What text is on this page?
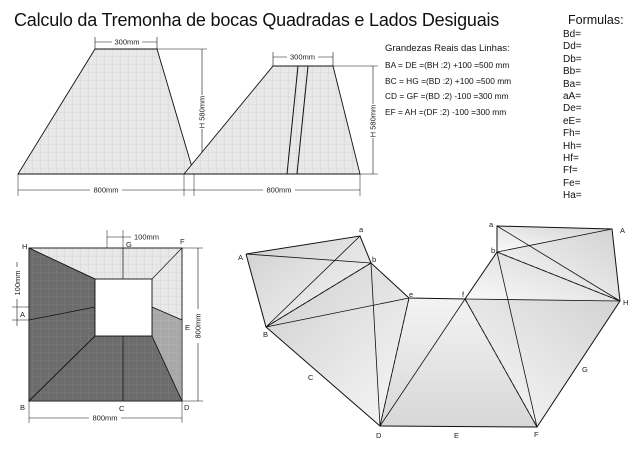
Calculo da Tremonha de bocas Quadradas e Lados Desiguais	Formulas:
Bd=
Dd=
Db=
Bb=
Ba=
aA=
De=
eE=
Fh=
Hh=
Hf=
Ff=
Fe=
Ha=
Grandezas Reais das Linhas:
BA = DE =(BH :2) +100 =500 mm
BC = HG =(BD :2) +100 =500 mm
CD = GF =(BD :2) -100 =300 mm
EF = AH =(DF :2) -100 =300 mm
300mm
H 580mm
800mm
300mm
H 580mm
800mm
100mm
100mm
800mm
800mm
H	G	F
A
E
B	C	D
a
b
A
B
C
D	E	F
G
H
e	f
a
b
A
